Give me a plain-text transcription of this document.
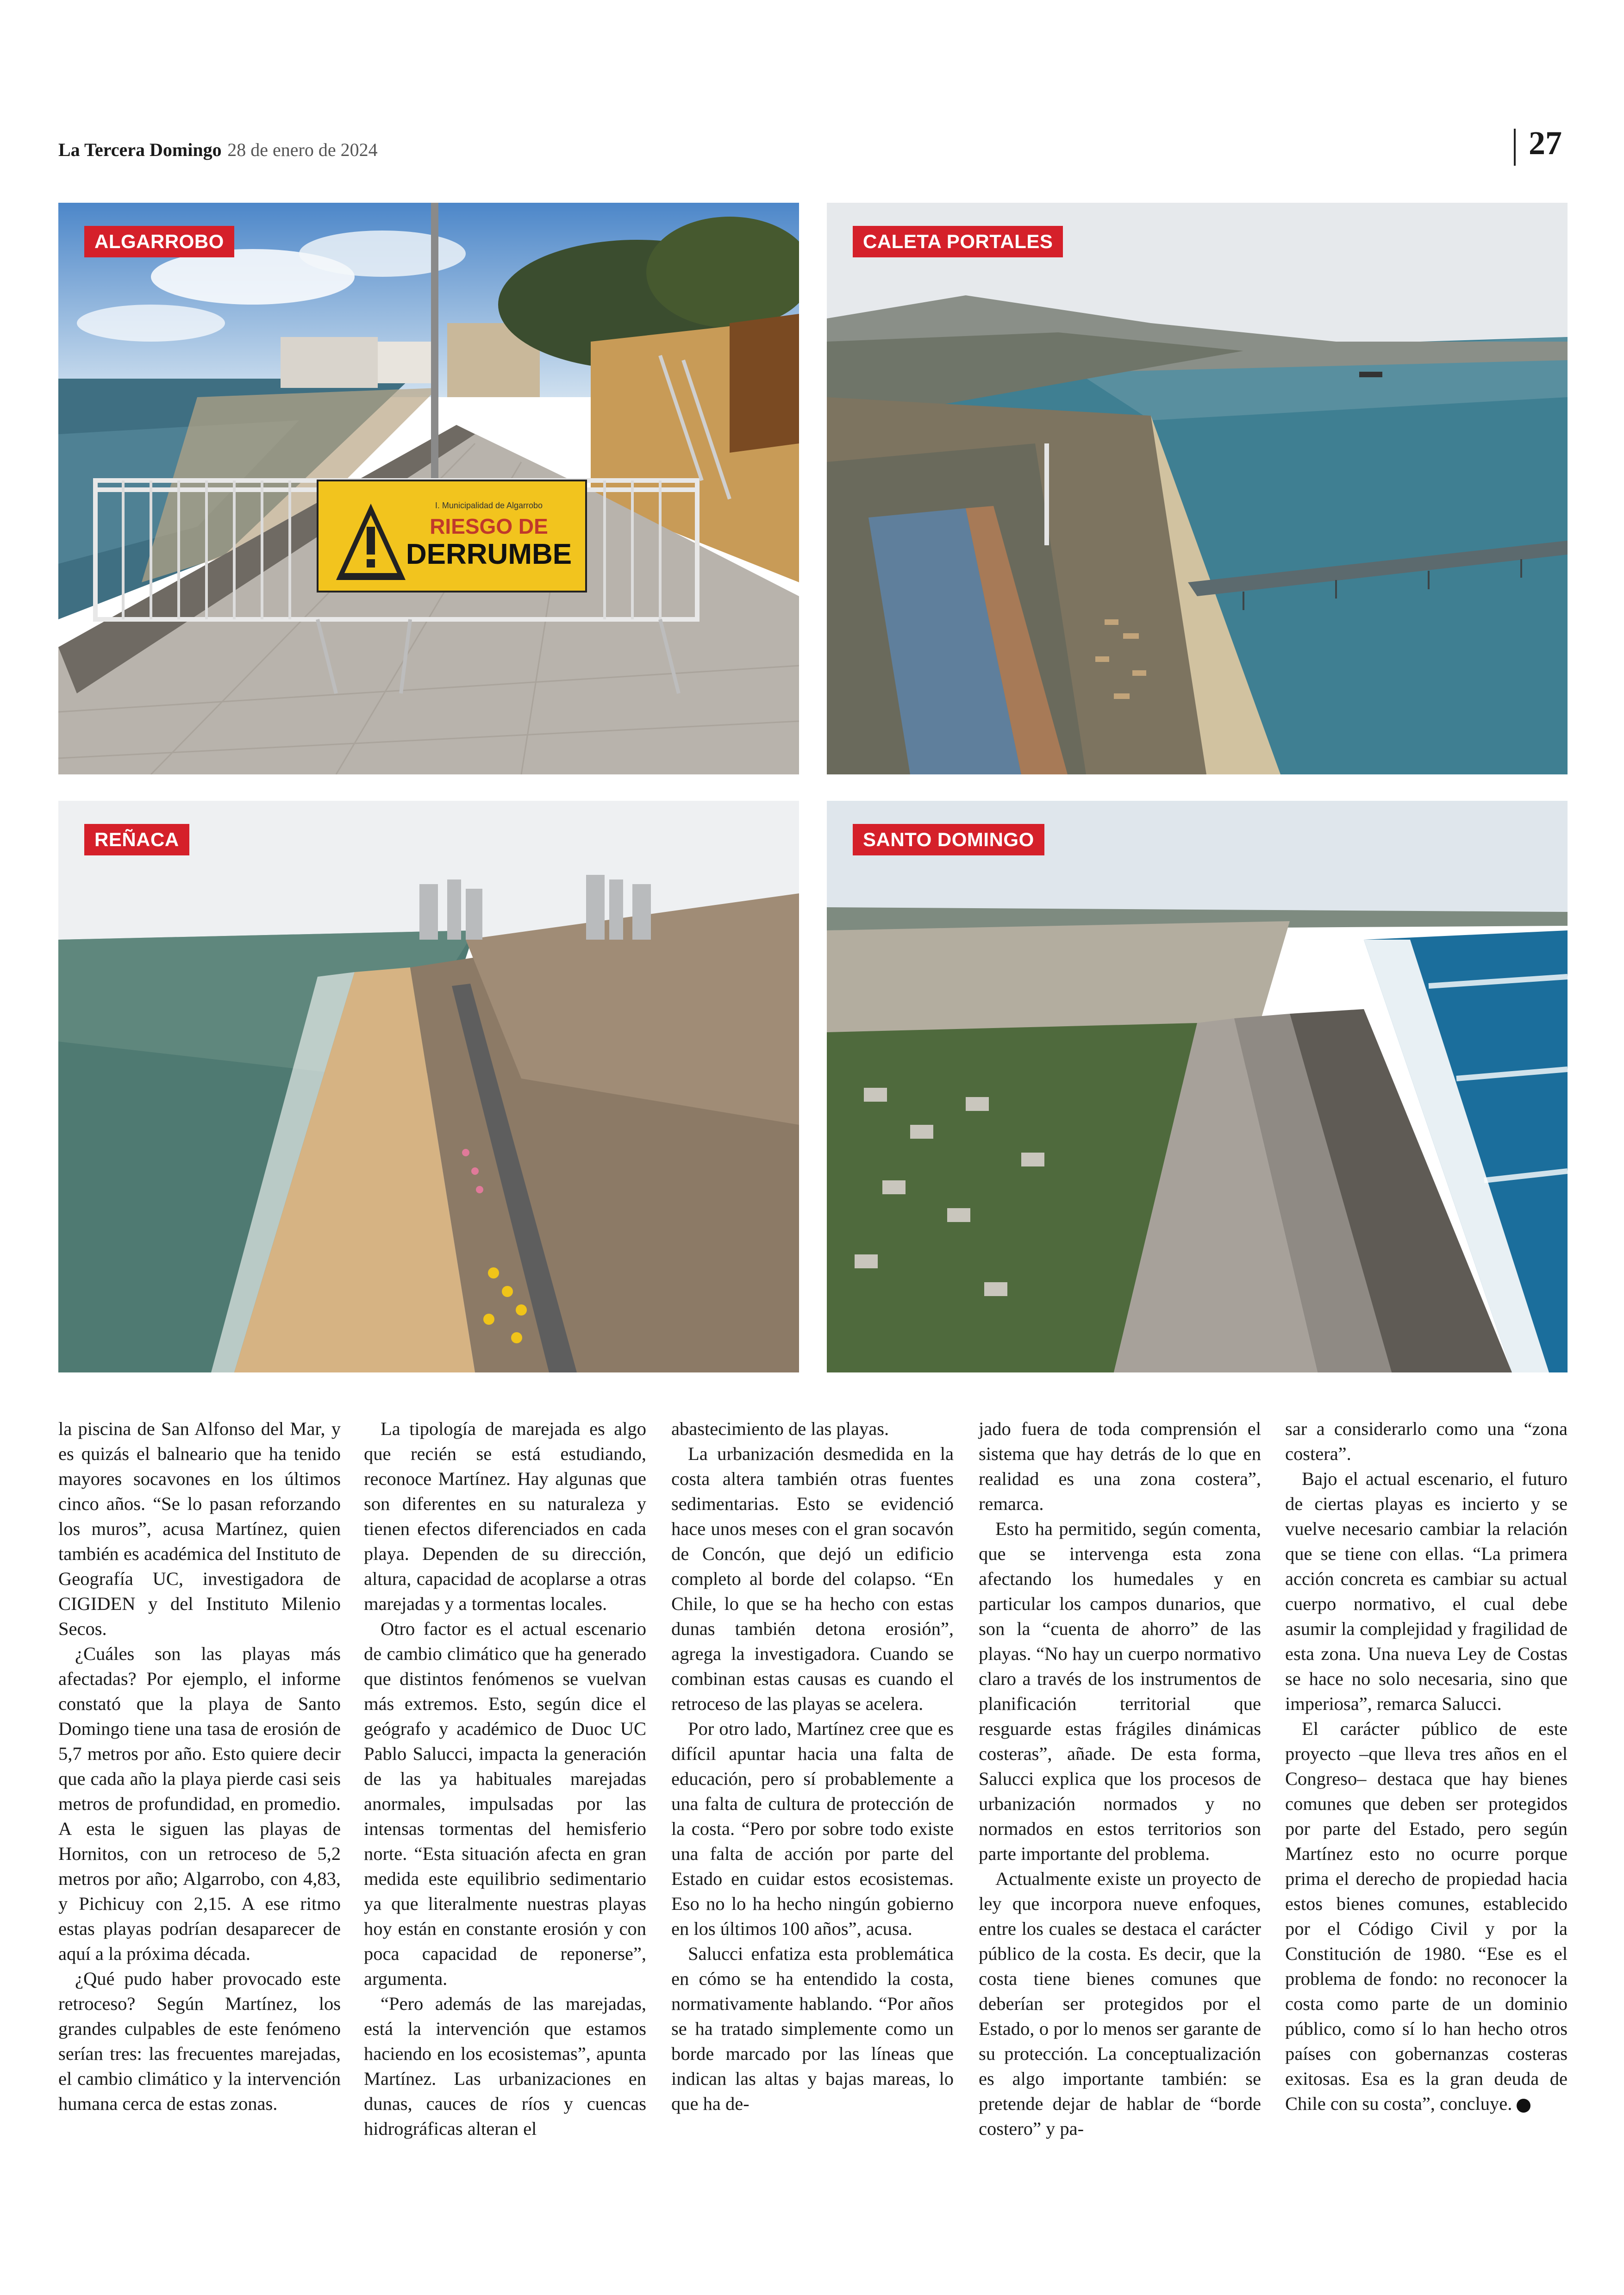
La Tercera Domingo 28 de enero de 2024	27
I. Municipalidad de Algarrobo
RIESGO DE
DERRUMBE
ALGARROBO	CALETA PORTALES
REÑACA	SANTO DOMINGO

la piscina de San Alfonso del Mar, y es quizás el balneario que ha tenido mayores socavones en los últimos cinco años. “Se lo pasan reforzando los muros”, acusa Martínez, quien también es académica del Instituto de Geografía UC, investigadora de CIGIDEN y del Instituto Milenio Secos.

¿Cuáles son las playas más afectadas? Por ejemplo, el informe constató que la playa de Santo Domingo tiene una tasa de erosión de 5,7 metros por año. Esto quiere decir que cada año la playa pierde casi seis metros de profundidad, en promedio. A esta le siguen las playas de Hornitos, con un retroceso de 5,2 metros por año; Algarrobo, con 4,83, y Pichicuy con 2,15. A ese ritmo estas playas podrían desaparecer de aquí a la próxima década.

¿Qué pudo haber provocado este retroceso? Según Martínez, los grandes culpables de este fenómeno serían tres: las frecuentes marejadas, el cambio climático y la intervención humana cerca de estas zonas.

La tipología de marejada es algo que recién se está estudiando, reconoce Martínez. Hay algunas que son diferentes en su naturaleza y tienen efectos diferenciados en cada playa. Dependen de su dirección, altura, capacidad de acoplarse a otras marejadas y a tormentas locales.

Otro factor es el actual escenario de cambio climático que ha generado que distintos fenómenos se vuelvan más extremos. Esto, según dice el geógrafo y académico de Duoc UC Pablo Salucci, impacta la generación de las ya habituales marejadas anormales, impulsadas por las intensas tormentas del hemisferio norte. “Esta situación afecta en gran medida este equilibrio sedimentario ya que literalmente nuestras playas hoy están en constante erosión y con poca capacidad de reponerse”, argumenta.

“Pero además de las marejadas, está la intervención que estamos haciendo en los ecosistemas”, apunta Martínez. Las urbanizaciones en dunas, cauces de ríos y cuencas hidrográficas alteran el

abastecimiento de las playas.

La urbanización desmedida en la costa altera también otras fuentes sedimentarias. Esto se evidenció hace unos meses con el gran socavón de Concón, que dejó un edificio completo al borde del colapso. “En Chile, lo que se ha hecho con estas dunas también detona erosión”, agrega la investigadora. Cuando se combinan estas causas es cuando el retroceso de las playas se acelera.

Por otro lado, Martínez cree que es difícil apuntar hacia una falta de educación, pero sí probablemente a una falta de cultura de protección de la costa. “Pero por sobre todo existe una falta de acción por parte del Estado en cuidar estos ecosistemas. Eso no lo ha hecho ningún gobierno en los últimos 100 años”, acusa.

Salucci enfatiza esta problemática en cómo se ha entendido la costa, normativamente hablando. “Por años se ha tratado simplemente como un borde marcado por las líneas que indican las altas y bajas mareas, lo que ha de-

jado fuera de toda comprensión el sistema que hay detrás de lo que en realidad es una zona costera”, remarca.

Esto ha permitido, según comenta, que se intervenga esta zona afectando los humedales y en particular los campos dunarios, que son la “cuenta de ahorro” de las playas. “No hay un cuerpo normativo claro a través de los instrumentos de planificación territorial que resguarde estas frágiles dinámicas costeras”, añade. De esta forma, Salucci explica que los procesos de urbanización normados y no normados en estos territorios son parte importante del problema.

Actualmente existe un proyecto de ley que incorpora nueve enfoques, entre los cuales se destaca el carácter público de la costa. Es decir, que la costa tiene bienes comunes que deberían ser protegidos por el Estado, o por lo menos ser garante de su protección. La conceptualización es algo importante también: se pretende dejar de hablar de “borde costero” y pa-

sar a considerarlo como una “zona costera”.

Bajo el actual escenario, el futuro de ciertas playas es incierto y se vuelve necesario cambiar la relación que se tiene con ellas. “La primera acción concreta es cambiar su actual cuerpo normativo, el cual debe asumir la complejidad y fragilidad de esta zona. Una nueva Ley de Costas se hace no solo necesaria, sino que imperiosa”, remarca Salucci.

El carácter público de este proyecto –que lleva tres años en el Congreso– destaca que hay bienes comunes que deben ser protegidos por parte del Estado, pero según Martínez esto no ocurre porque prima el derecho de propiedad hacia estos bienes comunes, establecido por el Código Civil y por la Constitución de 1980. “Ese es el problema de fondo: no reconocer la costa como parte de un dominio público, como sí lo han hecho otros países con gobernanzas costeras exitosas. Esa es la gran deuda de Chile con su costa”, concluye.
